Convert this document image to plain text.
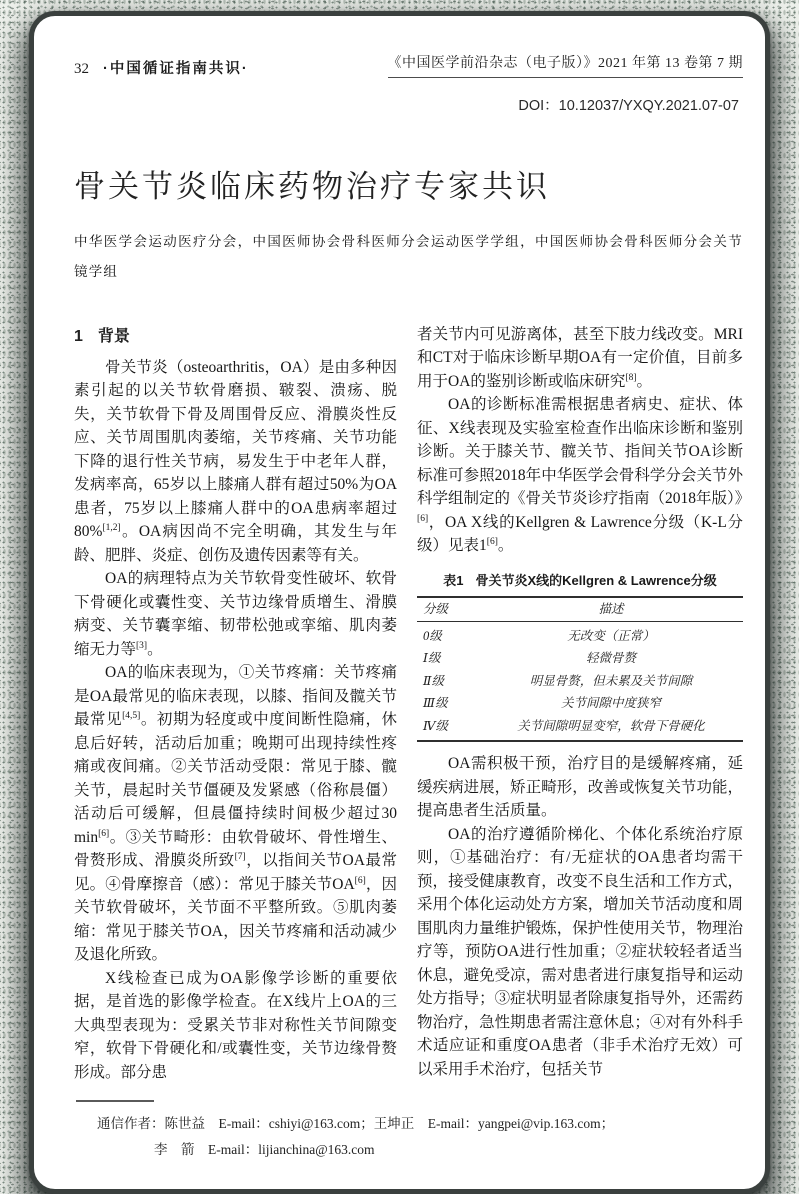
32 ·中国循证指南共识·	《中国医学前沿杂志（电子版）》2021 年第 13 卷第 7 期
DOI：10.12037/YXQY.2021.07-07
骨关节炎临床药物治疗专家共识
中华医学会运动医疗分会，中国医师协会骨科医师分会运动医学学组，中国医师协会骨科医师分会关节镜学组
1 背景

骨关节炎（osteoarthritis，OA）是由多种因素引起的以关节软骨磨损、皲裂、溃疡、脱失，关节软骨下骨及周围骨反应、滑膜炎性反应、关节周围肌肉萎缩，关节疼痛、关节功能下降的退行性关节病，易发生于中老年人群，发病率高，65岁以上膝痛人群有超过50%为OA患者，75岁以上膝痛人群中的OA患病率超过80%[1,2]。OA病因尚不完全明确，其发生与年龄、肥胖、炎症、创伤及遗传因素等有关。

OA的病理特点为关节软骨变性破坏、软骨下骨硬化或囊性变、关节边缘骨质增生、滑膜病变、关节囊挛缩、韧带松弛或挛缩、肌肉萎缩无力等[3]。

OA的临床表现为，①关节疼痛：关节疼痛是OA最常见的临床表现，以膝、指间及髋关节最常见[4,5]。初期为轻度或中度间断性隐痛，休息后好转，活动后加重；晚期可出现持续性疼痛或夜间痛。②关节活动受限：常见于膝、髋关节，晨起时关节僵硬及发紧感（俗称晨僵）活动后可缓解，但晨僵持续时间极少超过30 min[6]。③关节畸形：由软骨破坏、骨性增生、骨赘形成、滑膜炎所致[7]，以指间关节OA最常见。④骨摩擦音（感）：常见于膝关节OA[6]，因关节软骨破坏，关节面不平整所致。⑤肌肉萎缩：常见于膝关节OA，因关节疼痛和活动减少及退化所致。

X线检查已成为OA影像学诊断的重要依据，是首选的影像学检查。在X线片上OA的三大典型表现为：受累关节非对称性关节间隙变窄，软骨下骨硬化和/或囊性变，关节边缘骨赘形成。部分患

者关节内可见游离体，甚至下肢力线改变。MRI和CT对于临床诊断早期OA有一定价值，目前多用于OA的鉴别诊断或临床研究[8]。

OA的诊断标准需根据患者病史、症状、体征、X线表现及实验室检查作出临床诊断和鉴别诊断。关于膝关节、髋关节、指间关节OA诊断标准可参照2018年中华医学会骨科学分会关节外科学组制定的《骨关节炎诊疗指南（2018年版）》[6]，OA X线的Kellgren & Lawrence分级（K-L分级）见表1[6]。

表1 骨关节炎X线的Kellgren & Lawrence分级
分级	描述
0级	无改变（正常）
Ⅰ级	轻微骨赘
Ⅱ级	明显骨赘，但未累及关节间隙
Ⅲ级	关节间隙中度狭窄
Ⅳ级	关节间隙明显变窄，软骨下骨硬化

OA需积极干预，治疗目的是缓解疼痛，延缓疾病进展，矫正畸形，改善或恢复关节功能，提高患者生活质量。

OA的治疗遵循阶梯化、个体化系统治疗原则，①基础治疗：有/无症状的OA患者均需干预，接受健康教育，改变不良生活和工作方式，采用个体化运动处方方案，增加关节活动度和周围肌肉力量维护锻炼，保护性使用关节，物理治疗等，预防OA进行性加重；②症状较轻者适当休息，避免受凉，需对患者进行康复指导和运动处方指导；③症状明显者除康复指导外，还需药物治疗，急性期患者需注意休息；④对有外科手术适应证和重度OA患者（非手术治疗无效）可以采用手术治疗，包括关节

通信作者：陈世益　E-mail：cshiyi@163.com；王坤正　E-mail：yangpei@vip.163.com；

李　箭　E-mail：lijianchina@163.com
